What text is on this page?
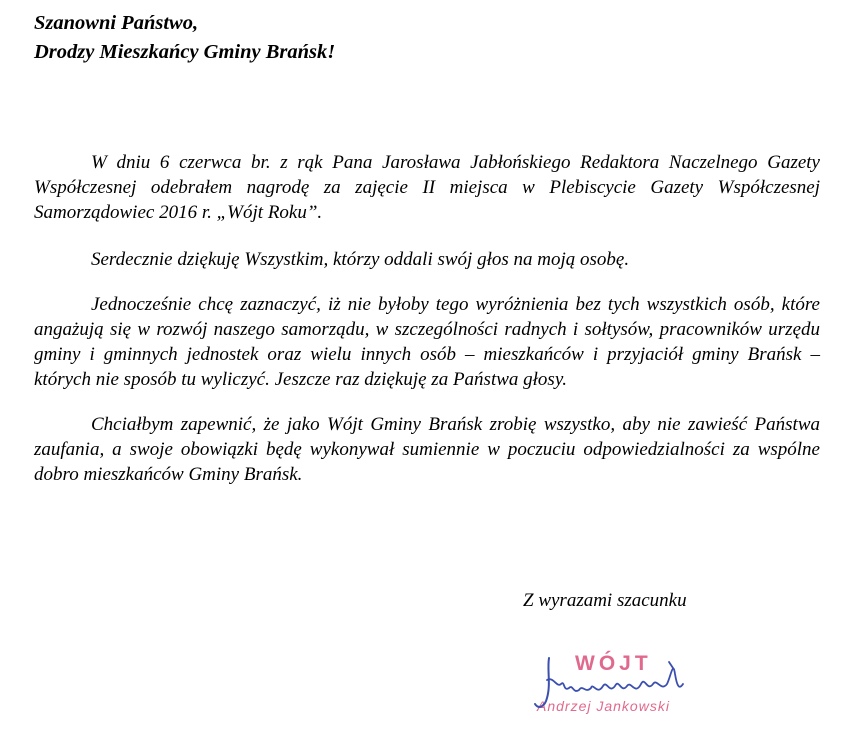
Szanowni Państwo,
Drodzy Mieszkańcy Gminy Brańsk!

W dniu 6 czerwca br. z rąk Pana Jarosława Jabłońskiego Redaktora Naczelnego Gazety Współczesnej odebrałem nagrodę za zajęcie II miejsca w Plebiscycie Gazety Współczesnej Samorządowiec 2016 r. „Wójt Roku”.

Serdecznie dziękuję Wszystkim, którzy oddali swój głos na moją osobę.

Jednocześnie chcę zaznaczyć, iż nie byłoby tego wyróżnienia bez tych wszystkich osób, które angażują się w rozwój naszego samorządu, w szczególności radnych i sołtysów, pracowników urzędu gminy i gminnych jednostek oraz wielu innych osób – mieszkańców i przyjaciół gminy Brańsk – których nie sposób tu wyliczyć. Jeszcze raz dziękuję za Państwa głosy.

Chciałbym zapewnić, że jako Wójt Gminy Brańsk zrobię wszystko, aby nie zawieść Państwa zaufania, a swoje obowiązki będę wykonywał sumiennie w poczuciu odpowiedzialności za wspólne dobro mieszkańców Gminy Brańsk.

Z wyrazami szacunku
WÓJT
Andrzej Jankowski
